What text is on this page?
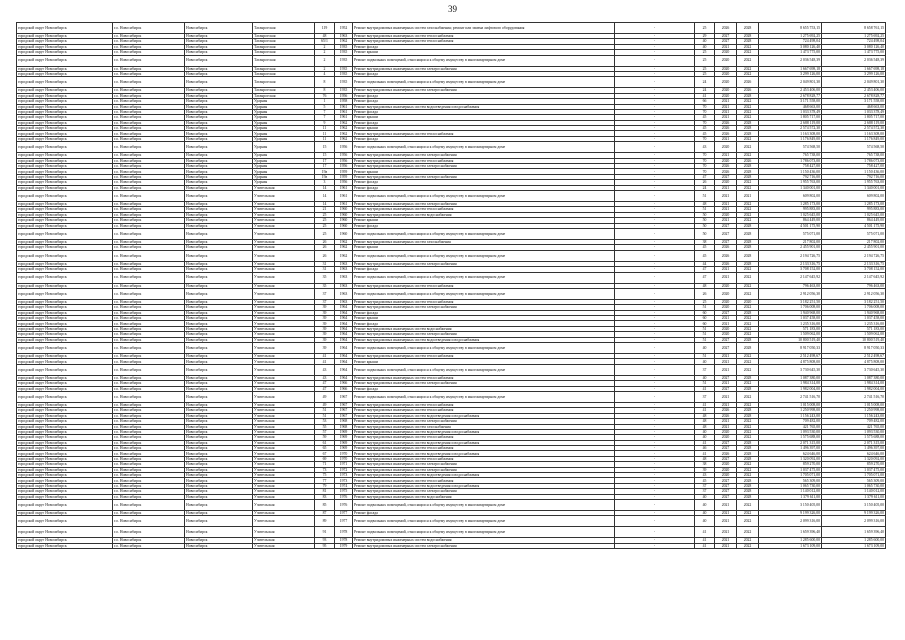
39
городской округ Новосибирск	г.о. Новосибирск	Новосибирск	Таганрогская	119	1952	Ремонт внутридомовых инженерных систем газоснабжения; ремонт или замена лифтового оборудования	-	25	2026	2028	8 655 753,15	8 658 761,15
городской округ Новосибирск	г.о. Новосибирск	Новосибирск	Таганрогская	48	1963	Ремонт внутридомовых инженерных систем теплоснабжения	-	29	2027	2028	1 275 692,25	1 275 692,25
городской округ Новосибирск	г.о. Новосибирск	Новосибирск	Таганрогская	65/1	1962	Ремонт внутридомовых инженерных систем теплоснабжения	-	40	2027	2028	724 498,04	724 498,04
городской округ Новосибирск	г.о. Новосибирск	Новосибирск	Таганрогская	2	1935	Ремонт фасада	-	40	2021	2022	3 080 126,40	3 080 126,40
городской округ Новосибирск	г.о. Новосибирск	Новосибирск	Таганрогская	2	1935	Ремонт крыши	-	25	2020	2022	1 473 775,00	1 473 775,00
городской округ Новосибирск	г.о. Новосибирск	Новосибирск	Таганрогская	2	1935	Ремонт подвальных помещений, относящихся к общему имуществу в многоквартирном доме	-	25	2020	2022	2 036 548,39	2 036 548,39
городской округ Новосибирск	г.о. Новосибирск	Новосибирск	Таганрогская	2	1935	Ремонт внутридомовых инженерных систем электроснабжения	-	25	2020	2022	1 667 698,18	1 667 698,18
городской округ Новосибирск	г.о. Новосибирск	Новосибирск	Таганрогская	4	1935	Ремонт фасада	-	25	2020	2022	3 299 126,00	3 299 126,00
городской округ Новосибирск	г.о. Новосибирск	Новосибирск	Таганрогская	8	1935	Ремонт подвальных помещений, относящихся к общему имуществу в многоквартирном доме	-	24	2020	2026	2 049 801,30	2 049 801,30
городской округ Новосибирск	г.о. Новосибирск	Новосибирск	Таганрогская	8	1935	Ремонт внутридомовых инженерных систем электроснабжения	-	24	2020	2026	2 453 406,00	2 453 406,00
городской округ Новосибирск	г.о. Новосибирск	Новосибирск	Таганрогская	76	1956	Ремонт фасада	-	41	2020	2028	2 678 828,77	2 678 828,77
городской округ Новосибирск	г.о. Новосибирск	Новосибирск	Ударная	1	1958	Ремонт фасада	-	66	2021	2022	3 171 558,00	3 171 558,00
городской округ Новосибирск	г.о. Новосибирск	Новосибирск	Ударная	5	1961	Ремонт внутридомовых инженерных систем водоотведения и водоснабжения	-	70	2021	2022	468 663,00	468 663,00
городской округ Новосибирск	г.о. Новосибирск	Новосибирск	Ударная	7	1961	Ремонт фасада	-	70	2021	2022	1 033 378,49	1 033 378,49
городской округ Новосибирск	г.о. Новосибирск	Новосибирск	Ударная	7	1961	Ремонт крыши	-	45	2021	2022	1 805 717,00	1 805 717,00
городской округ Новосибирск	г.о. Новосибирск	Новосибирск	Ударная	9	1962	Ремонт фасада	-	70	2026	2028	2 688 119,00	2 688 119,00
городской округ Новосибирск	г.о. Новосибирск	Новосибирск	Ударная	11	1962	Ремонт крыши	-	45	2026	2028	2 574 572,30	2 574 572,30
городской округ Новосибирск	г.о. Новосибирск	Новосибирск	Ударная	11	1962	Ремонт внутридомовых инженерных систем теплоснабжения	-	45	2026	2028	1 163 308,00	1 163 308,00
городской округ Новосибирск	г.о. Новосибирск	Новосибирск	Ударная	11	1962	Ремонт фасада	-	70	2021	2022	1 176 849,00	1 176 849,00
городской округ Новосибирск	г.о. Новосибирск	Новосибирск	Ударная	15	1956	Ремонт подвальных помещений, относящихся к общему имуществу в многоквартирном доме	-	43	2020	2022	574 568,50	574 568,50
городской округ Новосибирск	г.о. Новосибирск	Новосибирск	Ударная	15	1956	Ремонт внутридомовых инженерных систем электроснабжения	-	70	2021	2022	765 738,00	765 738,00
городской округ Новосибирск	г.о. Новосибирск	Новосибирск	Ударная	17	1956	Ремонт внутридомовых инженерных систем теплоснабжения	-	70	2020	2026	1 786 073,00	1 786 073,00
городской округ Новосибирск	г.о. Новосибирск	Новосибирск	Ударная	17	1956	Ремонт внутридомовых инженерных систем электроснабжения	-	70	2026	2028	758 427,00	758 427,00
городской округ Новосибирск	г.о. Новосибирск	Новосибирск	Ударная	19а	1959	Ремонт крыши	-	70	2026	2028	1 150 436,00	1 150 436,00
городской округ Новосибирск	г.о. Новосибирск	Новосибирск	Ударная	19а	1959	Ремонт внутридомовых инженерных систем электроснабжения	-	47	2027	2028	792 716,00	792 716,00
городской округ Новосибирск	г.о. Новосибирск	Новосибирск	Ударная	3	1956	Ремонт фасада	-	26	2020	2022	1 955 763,00	1 955 763,00
городской округ Новосибирск	г.о. Новосибирск	Новосибирск	Учительская	14	1961	Ремонт фасада	-	24	2021	2022	1 340 001,00	1 340 001,00
городской округ Новосибирск	г.о. Новосибирск	Новосибирск	Учительская	14	1961	Ремонт подвальных помещений, относящихся к общему имуществу в многоквартирном доме	-	51	2021	2021	609 802,00	609 802,00
городской округ Новосибирск	г.о. Новосибирск	Новосибирск	Учительская	14	1961	Ремонт внутридомовых инженерных систем электроснабжения	-	48	2021	2022	1 285 173,00	1 285 173,00
городской округ Новосибирск	г.о. Новосибирск	Новосибирск	Учительская	21	1960	Ремонт внутридомовых инженерных систем теплоснабжения	-	51	2021	2022	995 883,00	995 883,00
городской округ Новосибирск	г.о. Новосибирск	Новосибирск	Учительская	25	1960	Ремонт внутридомовых инженерных систем водоснабжения	-	50	2020	2022	1 025 645,00	1 025 645,00
городской округ Новосибирск	г.о. Новосибирск	Новосибирск	Учительская	25	1960	Ремонт крыши	-	50	2021	2022	864 449,00	864 449,00
городской округ Новосибирск	г.о. Новосибирск	Новосибирск	Учительская	25	1960	Ремонт фасада	-	50	2027	2028	4 501 175,90	4 501 175,90
городской округ Новосибирск	г.о. Новосибирск	Новосибирск	Учительская	25	1960	Ремонт подвальных помещений, относящихся к общему имуществу в многоквартирном доме	-	50	2027	2028	575 071,00	575 071,00
городской округ Новосибирск	г.о. Новосибирск	Новосибирск	Учительская	26	1962	Ремонт внутридомовых инженерных систем газоснабжения	-	38	2027	2028	217 802,00	217 802,00
городской округ Новосибирск	г.о. Новосибирск	Новосибирск	Учительская	26	1962	Ремонт крыши	-	45	2026	2028	2 455 901,00	2 455 901,00
городской округ Новосибирск	г.о. Новосибирск	Новосибирск	Учительская	26	1962	Ремонт подвальных помещений, относящихся к общему имуществу в многоквартирном доме	-	45	2026	2028	2 194 726,75	2 194 726,75
городской округ Новосибирск	г.о. Новосибирск	Новосибирск	Учительская	31	1963	Ремонт внутридомовых инженерных систем электроснабжения	-	44	2026	2028	2 133 316,75	2 133 316,75
городской округ Новосибирск	г.о. Новосибирск	Новосибирск	Учительская	31	1963	Ремонт фасада	-	47	2021	2022	3 708 152,00	3 708 152,00
городской округ Новосибирск	г.о. Новосибирск	Новосибирск	Учительская	35	1963	Ремонт подвальных помещений, относящихся к общему имуществу в многоквартирном доме	-	47	2021	2022	2 147 645,92	2 147 645,92
городской округ Новосибирск	г.о. Новосибирск	Новосибирск	Учительская	35	1963	Ремонт внутридомовых инженерных систем теплоснабжения	-	48	2020	2022	796 463,00	796 463,00
городской округ Новосибирск	г.о. Новосибирск	Новосибирск	Учительская	37	1963	Ремонт подвальных помещений, относящихся к общему имуществу в многоквартирном доме	-	26	2020	2022	2 912 056,30	2 912 056,30
городской округ Новосибирск	г.о. Новосибирск	Новосибирск	Учительская	37	1963	Ремонт внутридомовых инженерных систем теплоснабжения	-	25	2020	2020	3 182 251,50	3 182 251,50
городской округ Новосибирск	г.о. Новосибирск	Новосибирск	Учительская	39	1964	Ремонт внутридомовых инженерных систем электроснабжения	-	51	2020	2022	1 706 008,00	1 706 008,00
городской округ Новосибирск	г.о. Новосибирск	Новосибирск	Учительская	39	1964	Ремонт фасада	-	60	2027	2028	1 940 968,00	1 940 968,00
городской округ Новосибирск	г.о. Новосибирск	Новосибирск	Учительская	39	1964	Ремонт крыши	-	60	2021	2022	1 037 458,00	1 037 458,00
городской округ Новосибирск	г.о. Новосибирск	Новосибирск	Учительская	39	1964	Ремонт фасада	-	60	2021	2022	1 235 316,00	1 235 316,00
городской округ Новосибирск	г.о. Новосибирск	Новосибирск	Учительская	39	1964	Ремонт внутридомовых инженерных систем водоснабжения	-	51	2020	2022	571 183,00	571 183,00
городской округ Новосибирск	г.о. Новосибирск	Новосибирск	Учительская	39	1964	Ремонт внутридомовых инженерных систем электроснабжения	-	51	2020	2022	1 509 062,00	1 509 062,00
городской округ Новосибирск	г.о. Новосибирск	Новосибирск	Учительская	39	1964	Ремонт внутридомовых инженерных систем водоотведения и водоснабжения	-	51	2027	2028	10 800 519,40	10 800 519,40
городской округ Новосибирск	г.о. Новосибирск	Новосибирск	Учительская	39	1964	Ремонт подвальных помещений, относящихся к общему имуществу в многоквартирном доме	-	40	2027	2028	8 917 050,33	8 917 050,33
городской округ Новосибирск	г.о. Новосибирск	Новосибирск	Учительская	41	1964	Ремонт внутридомовых инженерных систем теплоснабжения	-	51	2021	2022	2 512 498,67	2 512 498,67
городской округ Новосибирск	г.о. Новосибирск	Новосибирск	Учительская	41	1964	Ремонт крыши	-	40	2021	2022	4 875 808,00	4 875 808,00
городской округ Новосибирск	г.о. Новосибирск	Новосибирск	Учительская	43	1964	Ремонт подвальных помещений, относящихся к общему имуществу в многоквартирном доме	-	37	2021	2022	3 730 645,30	3 730 645,30
городской округ Новосибирск	г.о. Новосибирск	Новосибирск	Учительская	43	1964	Ремонт внутридомовых инженерных систем теплоснабжения	-	40	2027	2028	1 087 380,00	1 087 380,00
городской округ Новосибирск	г.о. Новосибирск	Новосибирск	Учительская	47	1966	Ремонт внутридомовых инженерных систем электроснабжения	-	51	2021	2022	1 984 314,00	1 984 314,00
городской округ Новосибирск	г.о. Новосибирск	Новосибирск	Учительская	47	1966	Ремонт фасада	-	41	2027	2028	1 982 004,00	1 982 004,00
городской округ Новосибирск	г.о. Новосибирск	Новосибирск	Учительская	49	1967	Ремонт подвальных помещений, относящихся к общему имуществу в многоквартирном доме	-	37	2021	2022	2 741 516,70	2 741 516,70
городской округ Новосибирск	г.о. Новосибирск	Новосибирск	Учительская	49	1967	Ремонт внутридомовых инженерных систем теплоснабжения	-	41	2021	2022	1 015 008,00	1 015 008,00
городской округ Новосибирск	г.о. Новосибирск	Новосибирск	Учительская	51	1967	Ремонт внутридомовых инженерных систем теплоснабжения	-	41	2026	2028	1 250 998,00	1 250 998,00
городской округ Новосибирск	г.о. Новосибирск	Новосибирск	Учительская	51	1967	Ремонт внутридомовых инженерных систем водоотведения и водоснабжения	-	48	2026	2028	1 156 243,00	1 156 243,00
городской округ Новосибирск	г.о. Новосибирск	Новосибирск	Учительская	53	1968	Ремонт внутридомовых инженерных систем электроснабжения	-	48	2021	2022	709 482,00	709 482,00
городской округ Новосибирск	г.о. Новосибирск	Новосибирск	Учительская	55	1968	Ремонт внутридомовых инженерных систем газоснабжения	-	48	2021	2022	421 765,00	421 765,00
городской округ Новосибирск	г.о. Новосибирск	Новосибирск	Учительская	57	1969	Ремонт внутридомовых инженерных систем водоотведения и водоснабжения	-	40	2020	2022	1 093 530,00	1 093 530,00
городской округ Новосибирск	г.о. Новосибирск	Новосибирск	Учительская	59	1969	Ремонт внутридомовых инженерных систем теплоснабжения	-	40	2020	2022	1 575 688,00	1 575 688,00
городской округ Новосибирск	г.о. Новосибирск	Новосибирск	Учительская	61	1969	Ремонт внутридомовых инженерных систем водоотведения и водоснабжения	-	41	2027	2028	2 071 315,00	2 071 315,00
городской округ Новосибирск	г.о. Новосибирск	Новосибирск	Учительская	65	1969	Ремонт внутридомовых инженерных систем теплоснабжения	-	46	2027	2028	1 496 397,00	1 496 397,00
городской округ Новосибирск	г.о. Новосибирск	Новосибирск	Учительская	67	1970	Ремонт внутридомовых инженерных систем водоотведения и водоснабжения	-	41	2026	2028	624 646,00	624 646,00
городской округ Новосибирск	г.о. Новосибирск	Новосибирск	Учительская	69	1970	Ремонт внутридомовых инженерных систем теплоснабжения	-	48	2027	2028	1 320 092,00	1 320 092,00
городской округ Новосибирск	г.о. Новосибирск	Новосибирск	Учительская	71	1971	Ремонт внутридомовых инженерных систем электроснабжения	-	38	2020	2022	859 270,00	859 270,00
городской округ Новосибирск	г.о. Новосибирск	Новосибирск	Учительская	73	1972	Ремонт внутридомовых инженерных систем электроснабжения	-	39	2020	2022	1 037 475,00	1 037 475,00
городской округ Новосибирск	г.о. Новосибирск	Новосибирск	Учительская	75	1973	Ремонт внутридомовых инженерных систем водоотведения и водоснабжения	-	43	2020	2022	1 705 071,00	1 705 071,00
городской округ Новосибирск	г.о. Новосибирск	Новосибирск	Учительская	77	1973	Ремонт внутридомовых инженерных систем теплоснабжения	-	45	2027	2028	565 309,00	565 309,00
городской округ Новосибирск	г.о. Новосибирск	Новосибирск	Учительская	79	1974	Ремонт внутридомовых инженерных систем водоотведения и водоснабжения	-	37	2027	2028	1 065 730,00	1 065 730,00
городской округ Новосибирск	г.о. Новосибирск	Новосибирск	Учительская	81	1975	Ремонт внутридомовых инженерных систем электроснабжения	-	37	2027	2028	1 140 012,00	1 140 012,00
городской округ Новосибирск	г.о. Новосибирск	Новосибирск	Учительская	83	1976	Ремонт внутридомовых инженерных систем водоснабжения	-	40	2027	2028	1 379 611,00	1 379 611,00
городской округ Новосибирск	г.о. Новосибирск	Новосибирск	Учительская	85	1976	Ремонт подвальных помещений, относящихся к общему имуществу в многоквартирном доме	-	40	2021	2022	3 150 405,00	3 150 405,00
городской округ Новосибирск	г.о. Новосибирск	Новосибирск	Учительская	87	1977	Ремонт фасада	-	40	2021	2022	9 199 326,00	9 199 326,00
городской округ Новосибирск	г.о. Новосибирск	Новосибирск	Учительская	89	1977	Ремонт подвальных помещений, относящихся к общему имуществу в многоквартирном доме	-	40	2021	2022	2 099 316,00	2 099 316,00
городской округ Новосибирск	г.о. Новосибирск	Новосибирск	Учительская	91	1978	Ремонт подвальных помещений, относящихся к общему имуществу в многоквартирном доме	-	41	2021	2022	1 659 396,40	1 659 396,40
городской округ Новосибирск	г.о. Новосибирск	Новосибирск	Учительская	93	1978	Ремонт внутридомовых инженерных систем водоснабжения	-	41	2021	2022	1 285 600,00	1 285 600,00
городской округ Новосибирск	г.о. Новосибирск	Новосибирск	Учительская	95	1979	Ремонт внутридомовых инженерных систем электроснабжения	-	41	2021	2022	1 673 109,00	1 673 109,00
